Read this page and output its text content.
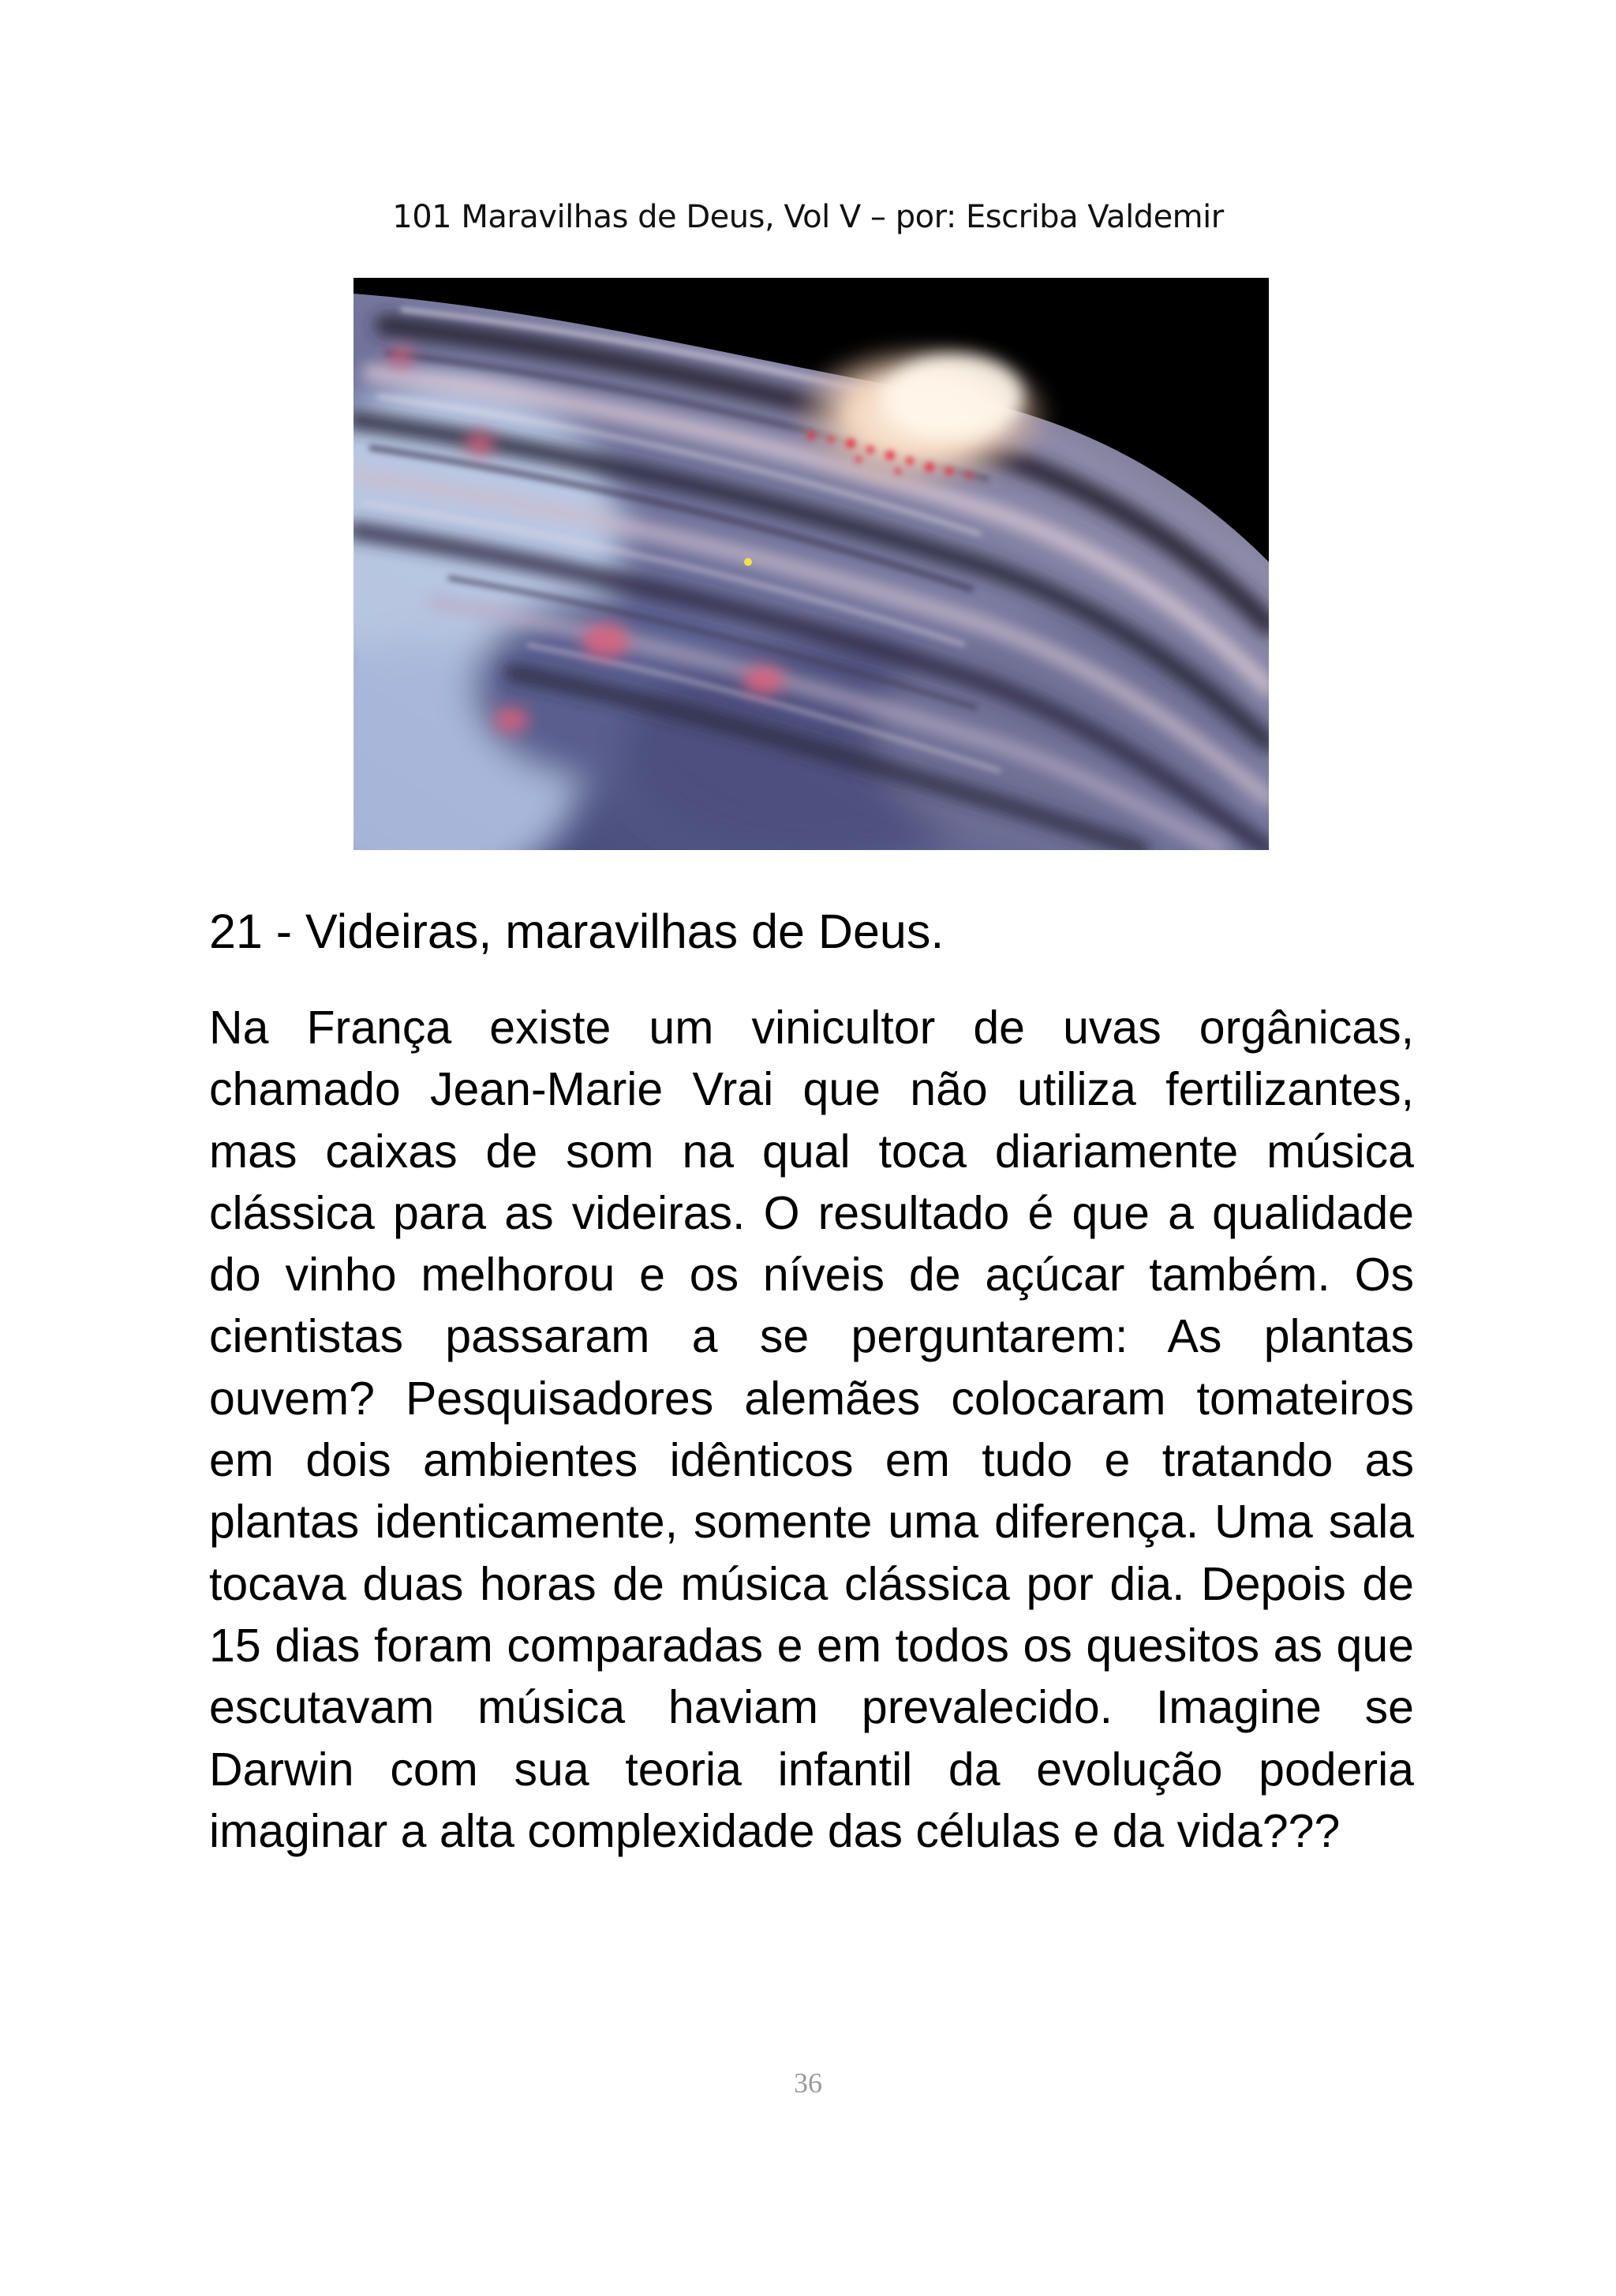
101 Maravilhas de Deus, Vol V – por: Escriba Valdemir
21 - Videiras, maravilhas de Deus.

Na França existe um vinicultor de uvas orgânicas, chamado Jean-Marie Vrai que não utiliza fertilizantes, mas caixas de som na qual toca diariamente música clássica para as videiras. O resultado é que a qualidade do vinho melhorou e os níveis de açúcar também. Os cientistas passaram a se perguntarem: As plantas ouvem? Pesquisadores alemães colocaram tomateiros em dois ambientes idênticos em tudo e tratando as plantas identicamente, somente uma diferença. Uma sala tocava duas horas de música clássica por dia. Depois de 15 dias foram comparadas e em todos os quesitos as que escutavam música haviam prevalecido. Imagine se Darwin com sua teoria infantil da evolução poderia imaginar a alta complexidade das células e da vida???

36
